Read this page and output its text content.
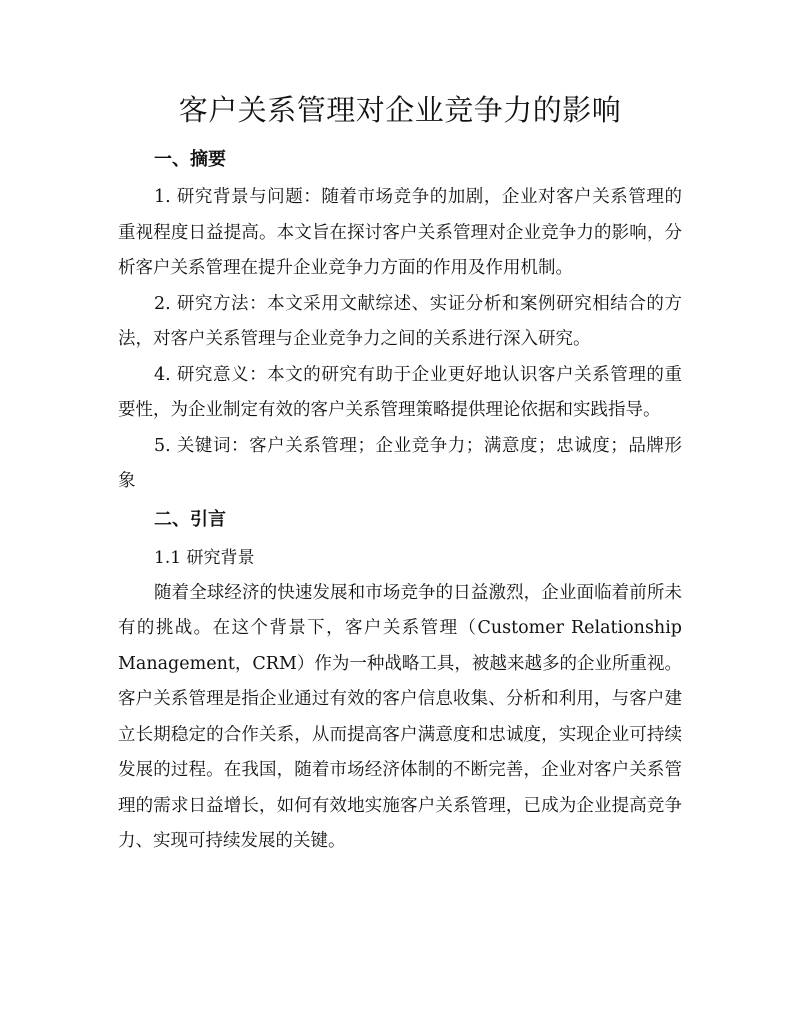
客户关系管理对企业竞争力的影响
一、摘要

1. 研究背景与问题：随着市场竞争的加剧，企业对客户关系管理的重视程度日益提高。本文旨在探讨客户关系管理对企业竞争力的影响，分析客户关系管理在提升企业竞争力方面的作用及作用机制。

2. 研究方法：本文采用文献综述、实证分析和案例研究相结合的方法，对客户关系管理与企业竞争力之间的关系进行深入研究。

4. 研究意义：本文的研究有助于企业更好地认识客户关系管理的重要性，为企业制定有效的客户关系管理策略提供理论依据和实践指导。

5. 关键词：客户关系管理；企业竞争力；满意度；忠诚度；品牌形象

二、引言

1.1 研究背景

随着全球经济的快速发展和市场竞争的日益激烈，企业面临着前所未有的挑战。在这个背景下，客户关系管理（Customer Relationship Management，CRM）作为一种战略工具，被越来越多的企业所重视。客户关系管理是指企业通过有效的客户信息收集、分析和利用，与客户建立长期稳定的合作关系，从而提高客户满意度和忠诚度，实现企业可持续发展的过程。在我国，随着市场经济体制的不断完善，企业对客户关系管理的需求日益增长，如何有效地实施客户关系管理，已成为企业提高竞争力、实现可持续发展的关键。
